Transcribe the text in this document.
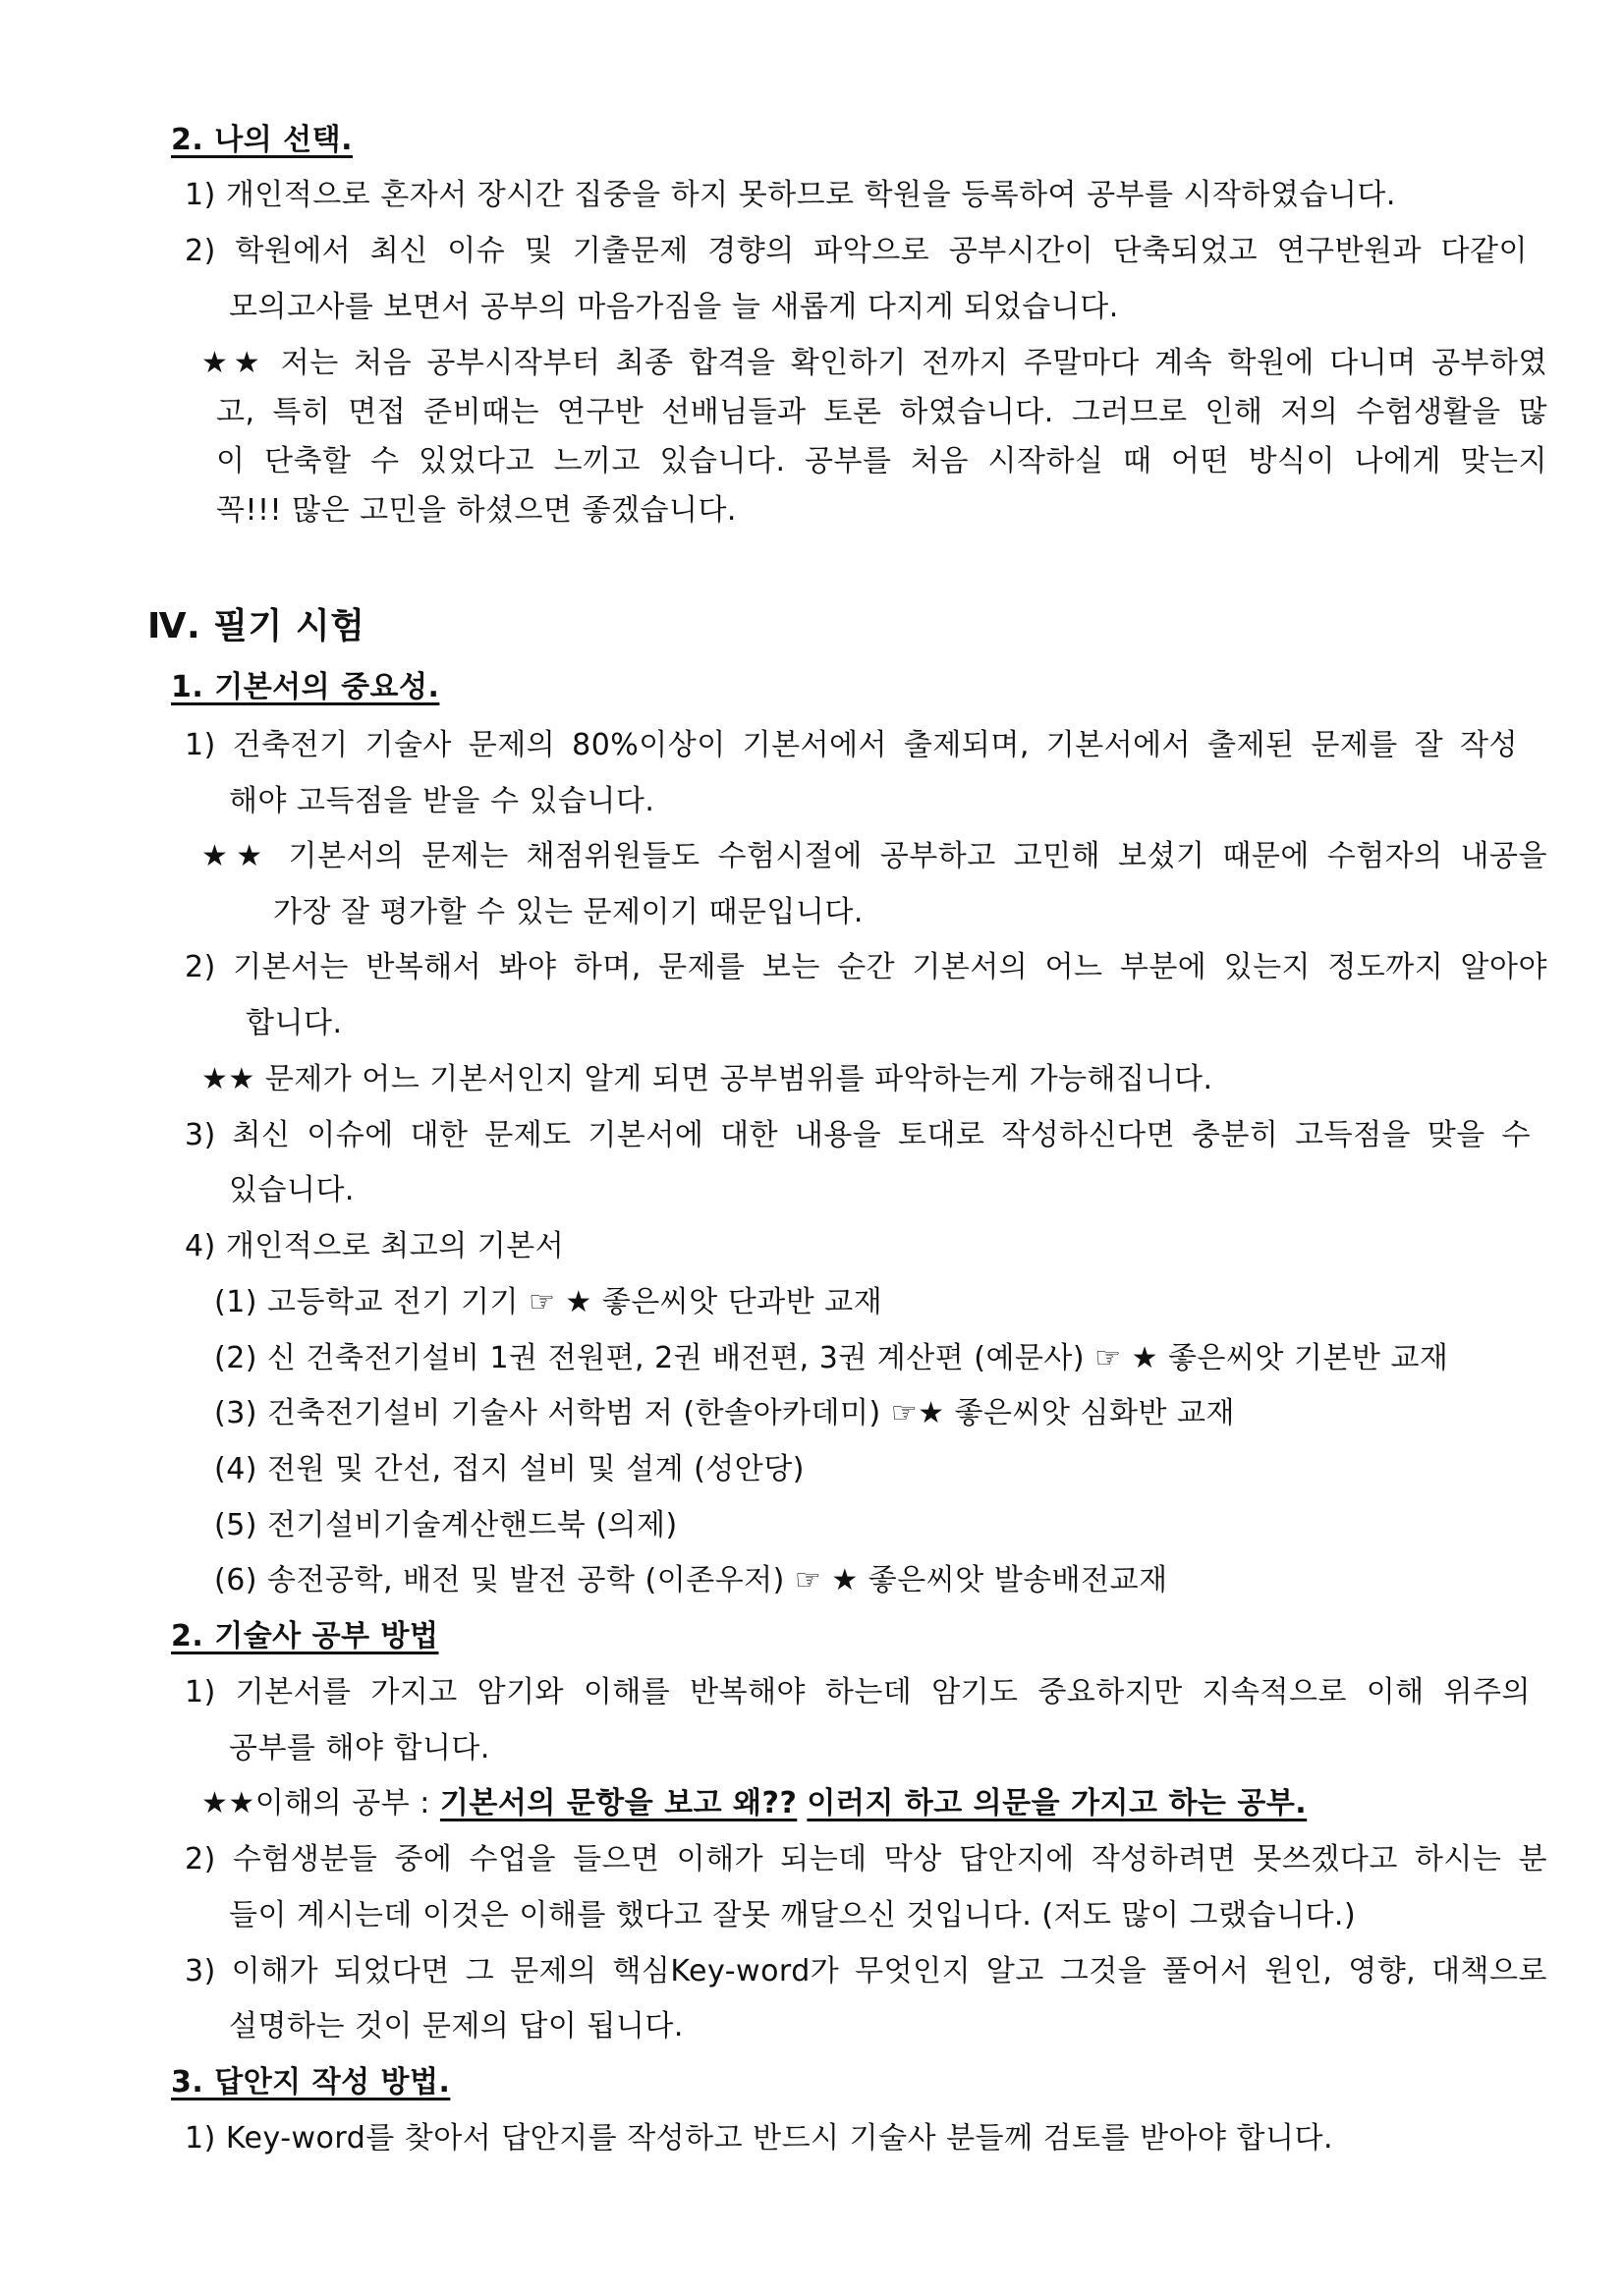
2. 나의 선택.
1) 개인적으로 혼자서 장시간 집중을 하지 못하므로 학원을 등록하여 공부를 시작하였습니다.
2) 학원에서 최신 이슈 및 기출문제 경향의 파악으로 공부시간이 단축되었고 연구반원과 다같이
모의고사를 보면서 공부의 마음가짐을 늘 새롭게 다지게 되었습니다.
★★ 저는 처음 공부시작부터 최종 합격을 확인하기 전까지 주말마다 계속 학원에 다니며 공부하였
고, 특히 면접 준비때는 연구반 선배님들과 토론 하였습니다. 그러므로 인해 저의 수험생활을 많
이 단축할 수 있었다고 느끼고 있습니다. 공부를 처음 시작하실 때 어떤 방식이 나에게 맞는지
꼭!!! 많은 고민을 하셨으면 좋겠습니다.
Ⅳ. 필기 시험
1. 기본서의 중요성.
1) 건축전기 기술사 문제의 80%이상이 기본서에서 출제되며, 기본서에서 출제된 문제를 잘 작성
해야 고득점을 받을 수 있습니다.
★★ 기본서의 문제는 채점위원들도 수험시절에 공부하고 고민해 보셨기 때문에 수험자의 내공을
가장 잘 평가할 수 있는 문제이기 때문입니다.
2) 기본서는 반복해서 봐야 하며, 문제를 보는 순간 기본서의 어느 부분에 있는지 정도까지 알아야
합니다.
★★ 문제가 어느 기본서인지 알게 되면 공부범위를 파악하는게 가능해집니다.
3) 최신 이슈에 대한 문제도 기본서에 대한 내용을 토대로 작성하신다면 충분히 고득점을 맞을 수
있습니다.
4) 개인적으로 최고의 기본서
(1) 고등학교 전기 기기 ☞ ★ 좋은씨앗 단과반 교재
(2) 신 건축전기설비 1권 전원편, 2권 배전편, 3권 계산편 (예문사) ☞ ★ 좋은씨앗 기본반 교재
(3) 건축전기설비 기술사 서학범 저 (한솔아카데미) ☞★ 좋은씨앗 심화반 교재
(4) 전원 및 간선, 접지 설비 및 설계 (성안당)
(5) 전기설비기술계산핸드북 (의제)
(6) 송전공학, 배전 및 발전 공학 (이존우저) ☞ ★ 좋은씨앗 발송배전교재
2. 기술사 공부 방법
1) 기본서를 가지고 암기와 이해를 반복해야 하는데 암기도 중요하지만 지속적으로 이해 위주의
공부를 해야 합니다.
★★이해의 공부 : 기본서의 문항을 보고 왜?? 이러지 하고 의문을 가지고 하는 공부.
2) 수험생분들 중에 수업을 들으면 이해가 되는데 막상 답안지에 작성하려면 못쓰겠다고 하시는 분
들이 계시는데 이것은 이해를 했다고 잘못 깨달으신 것입니다. (저도 많이 그랬습니다.)
3) 이해가 되었다면 그 문제의 핵심Key-word가 무엇인지 알고 그것을 풀어서 원인, 영향, 대책으로
설명하는 것이 문제의 답이 됩니다.
3. 답안지 작성 방법.
1) Key-word를 찾아서 답안지를 작성하고 반드시 기술사 분들께 검토를 받아야 합니다.
